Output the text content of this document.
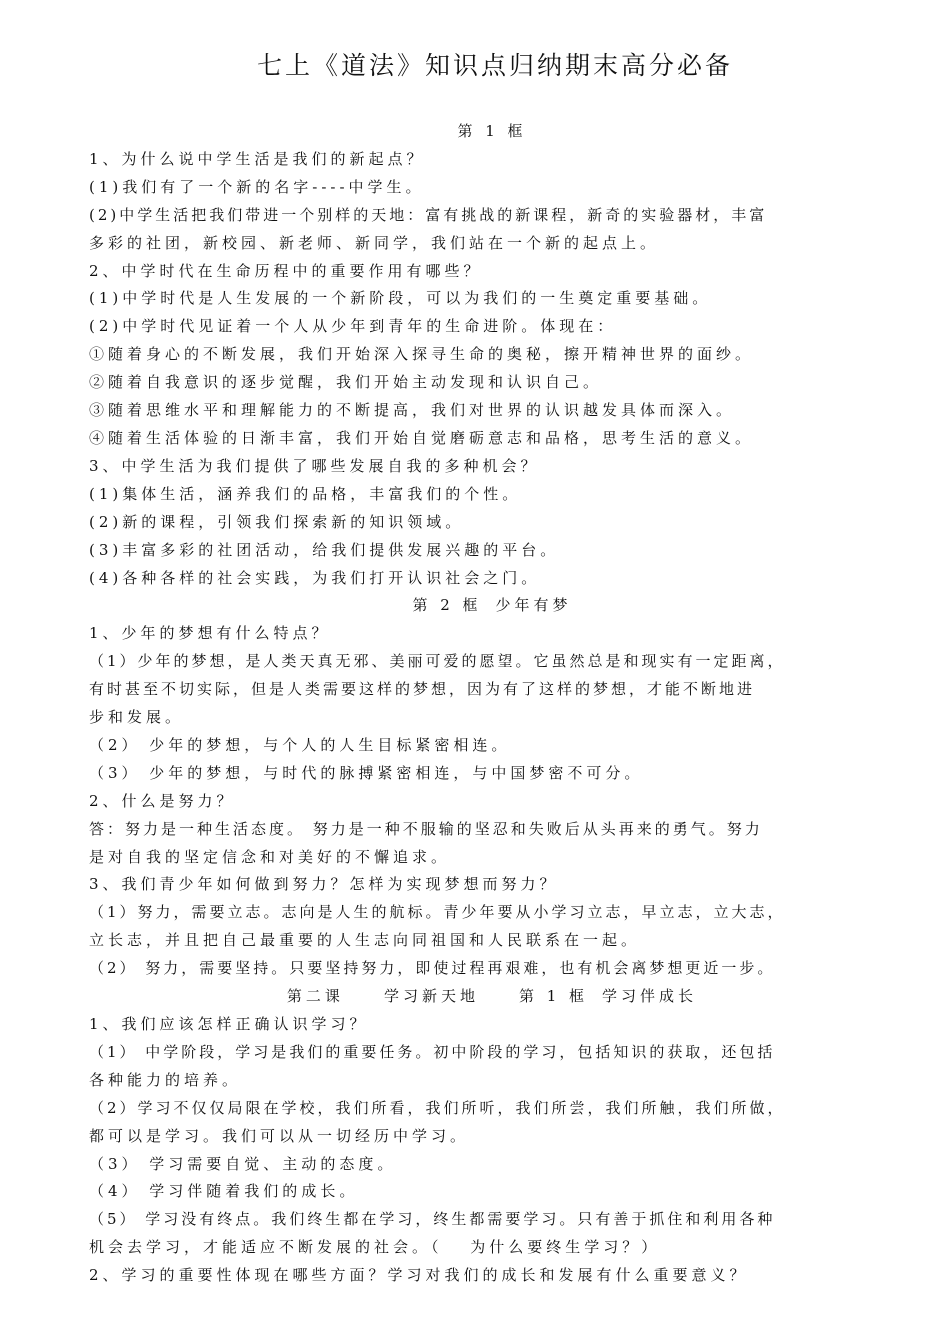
七上《道法》知识点归纳期末高分必备
第 1 框
1、为什么说中学生活是我们的新起点？
(1)我们有了一个新的名字----中学生。
(2)中学生活把我们带进一个别样的天地：富有挑战的新课程，新奇的实验器材，丰富
多彩的社团，新校园、新老师、新同学，我们站在一个新的起点上。
2、中学时代在生命历程中的重要作用有哪些？
(1)中学时代是人生发展的一个新阶段，可以为我们的一生奠定重要基础。
(2)中学时代见证着一个人从少年到青年的生命进阶。体现在：
①随着身心的不断发展，我们开始深入探寻生命的奥秘，擦开精神世界的面纱。
②随着自我意识的逐步觉醒，我们开始主动发现和认识自己。
③随着思维水平和理解能力的不断提高，我们对世界的认识越发具体而深入。
④随着生活体验的日渐丰富，我们开始自觉磨砺意志和品格，思考生活的意义。
3、中学生活为我们提供了哪些发展自我的多种机会？
(1)集体生活，涵养我们的品格，丰富我们的个性。
(2)新的课程，引领我们探索新的知识领域。
(3)丰富多彩的社团活动，给我们提供发展兴趣的平台。
(4)各种各样的社会实践，为我们打开认识社会之门。
第 2 框 少年有梦
1、少年的梦想有什么特点？
（1）少年的梦想，是人类天真无邪、美丽可爱的愿望。它虽然总是和现实有一定距离，
有时甚至不切实际，但是人类需要这样的梦想，因为有了这样的梦想，才能不断地进
步和发展。
（2） 少年的梦想，与个人的人生目标紧密相连。
（3） 少年的梦想，与时代的脉搏紧密相连，与中国梦密不可分。
2、什么是努力？
答：努力是一种生活态度。 努力是一种不服输的坚忍和失败后从头再来的勇气。努力
是对自我的坚定信念和对美好的不懈追求。
3、我们青少年如何做到努力？怎样为实现梦想而努力？
（1）努力，需要立志。志向是人生的航标。青少年要从小学习立志，早立志，立大志，
立长志，并且把自己最重要的人生志向同祖国和人民联系在一起。
（2） 努力，需要坚持。只要坚持努力，即使过程再艰难，也有机会离梦想更近一步。
第二课	学习新天地	第 1 框 学习伴成长
1、我们应该怎样正确认识学习？
（1） 中学阶段，学习是我们的重要任务。初中阶段的学习，包括知识的获取，还包括
各种能力的培养。
（2）学习不仅仅局限在学校，我们所看，我们所听，我们所尝，我们所触，我们所做，
都可以是学习。我们可以从一切经历中学习。
（3） 学习需要自觉、主动的态度。
（4） 学习伴随着我们的成长。
（5） 学习没有终点。我们终生都在学习，终生都需要学习。只有善于抓住和利用各种
机会去学习，才能适应不断发展的社会。（　 为什么要终生学习？）
2、学习的重要性体现在哪些方面？学习对我们的成长和发展有什么重要意义？
